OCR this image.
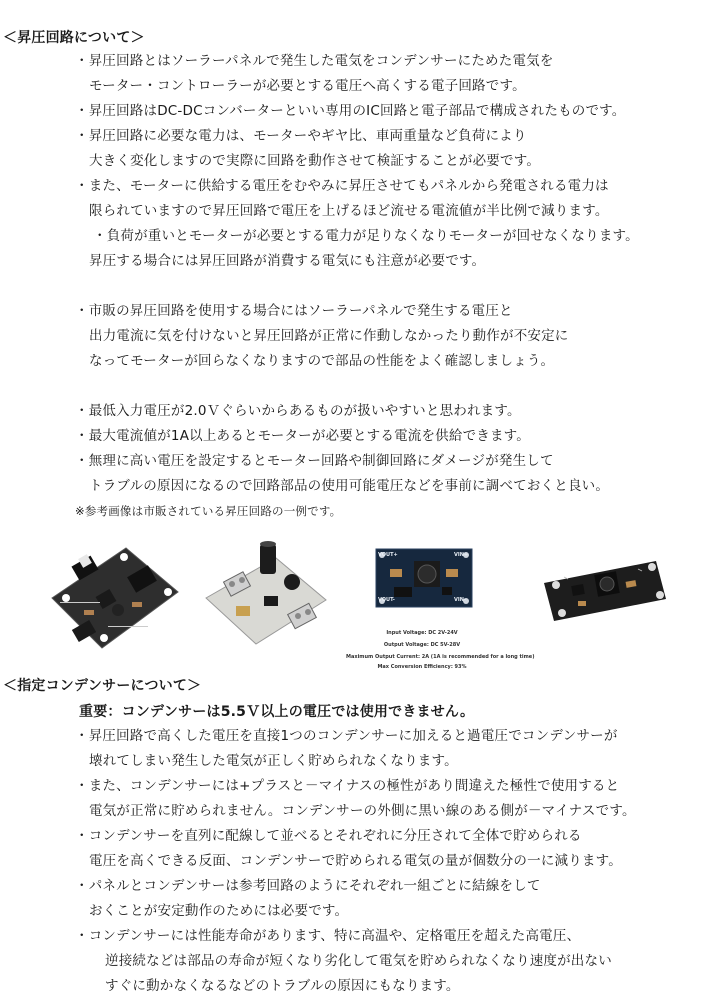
＜昇圧回路について＞
・昇圧回路とはソーラーパネルで発生した電気をコンデンサーにためた電気を
モーター・コントローラーが必要とする電圧へ高くする電子回路です。
・昇圧回路はDC-DCコンバーターといい専用のIC回路と電子部品で構成されたものです。
・昇圧回路に必要な電力は、モーターやギヤ比、車両重量など負荷により
大きく変化しますので実際に回路を動作させて検証することが必要です。
・また、モーターに供給する電圧をむやみに昇圧させてもパネルから発電される電力は
限られていますので昇圧回路で電圧を上げるほど流せる電流値が半比例で減ります。
・負荷が重いとモーターが必要とする電力が足りなくなりモーターが回せなくなります。
昇圧する場合には昇圧回路が消費する電気にも注意が必要です。
・市販の昇圧回路を使用する場合にはソーラーパネルで発生する電圧と
出力電流に気を付けないと昇圧回路が正常に作動しなかったり動作が不安定に
なってモーターが回らなくなりますので部品の性能をよく確認しましょう。
・最低入力電圧が2.0Ｖぐらいからあるものが扱いやすいと思われます。
・最大電流値が1A以上あるとモーターが必要とする電流を供給できます。
・無理に高い電圧を設定するとモーター回路や制御回路にダメージが発生して
トラブルの原因になるので回路部品の使用可能電圧などを事前に調べておくと良い。
※参考画像は市販されている昇圧回路の一例です。
VOUT+
VOUT-
VIN+
VIN-
Input Voltage: DC 2V-24V
Output Voltage: DC 5V-28V
Maximum Output Current: 2A (1A is recommended for a long time)
Max Conversion Efficiency: 93%
＜指定コンデンサーについて＞
重要：コンデンサーは5.5Ｖ以上の電圧では使用できません。
・昇圧回路で高くした電圧を直接1つのコンデンサーに加えると過電圧でコンデンサーが
壊れてしまい発生した電気が正しく貯められなくなります。
・また、コンデンサーには+プラスと－マイナスの極性があり間違えた極性で使用すると
電気が正常に貯められません。コンデンサーの外側に黒い線のある側が－マイナスです。
・コンデンサーを直列に配線して並べるとそれぞれに分圧されて全体で貯められる
電圧を高くできる反面、コンデンサーで貯められる電気の量が個数分の一に減ります。
・パネルとコンデンサーは参考回路のようにそれぞれ一組ごとに結線をして
おくことが安定動作のためには必要です。
・コンデンサーには性能寿命があります、特に高温や、定格電圧を超えた高電圧、
逆接続などは部品の寿命が短くなり劣化して電気を貯められなくなり速度が出ない
すぐに動かなくなるなどのトラブルの原因にもなります。
